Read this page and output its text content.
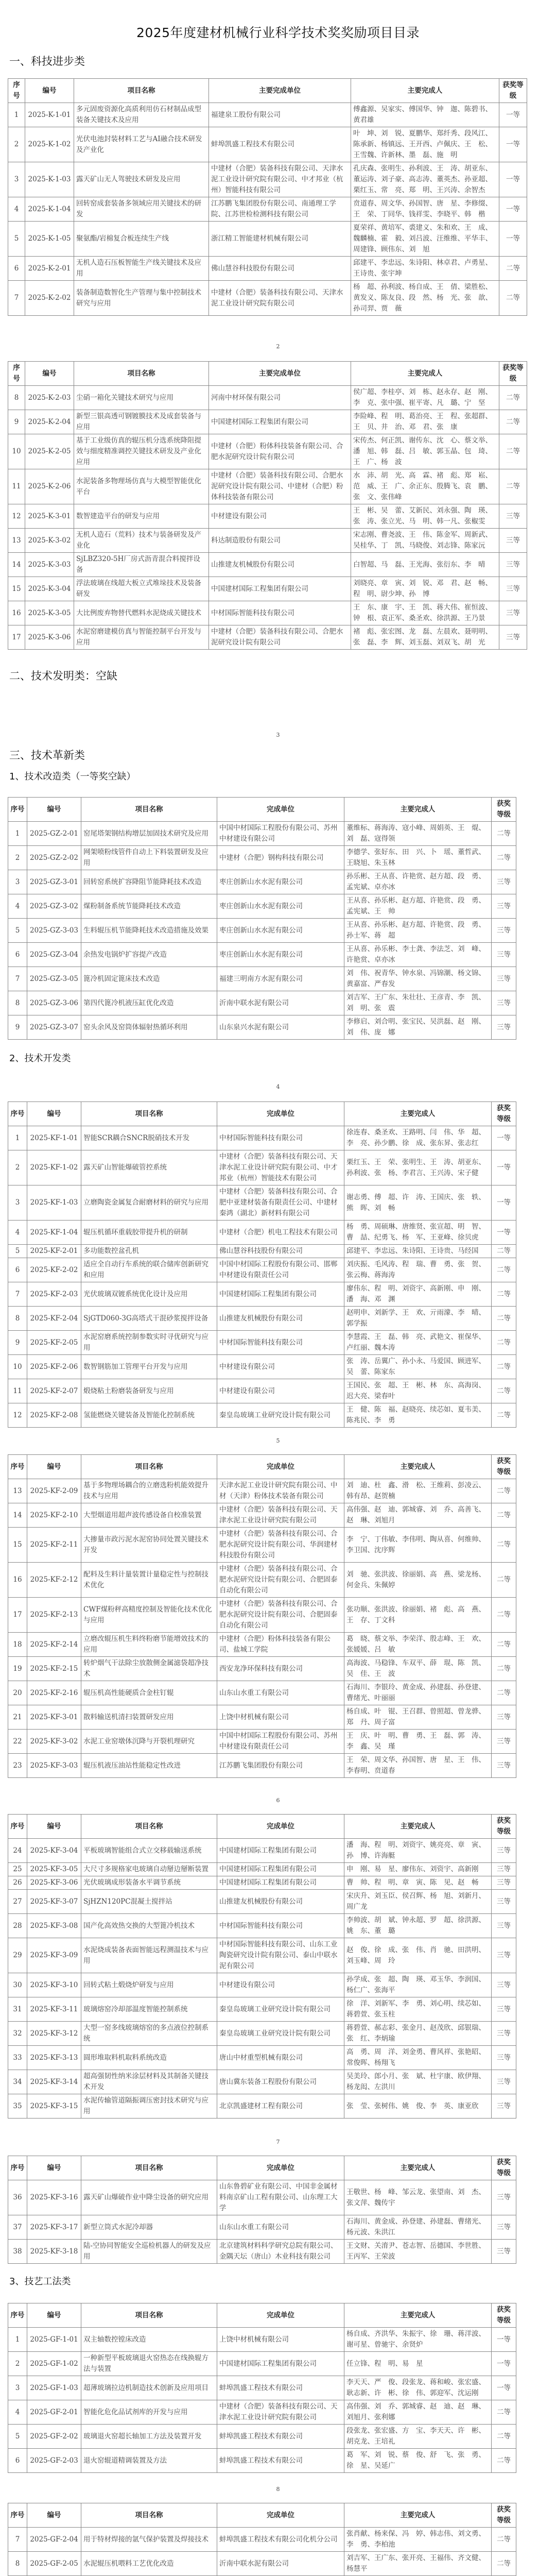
2025年度建材机械行业科学技术奖奖励项目目录
一、科技进步类
序号	编号	项目名称	主要完成单位	主要完成人	获奖等级
1	2025-K-1-01	多元固废资源化高质利用仿石材制品成型装备关键技术及应用	福建泉工股份有限公司	傅鑫源、吴家实、傅国华、钟　迦、陈碧书、黄君雄	一等
2	2025-K-1-02	光伏电池封装材料工艺与AI融合技术研发及产业化	蚌埠凯盛工程技术有限公司	叶　坤、刘　锐、夏鹏华、郑纤秀、段风江、陈承新、杨镇远、王开西、卢佩庆、王　松、王雪魏、许新林、墨　磊、施　明	一等
3	2025-K-1-03	露天矿山无人驾驶技术研发及应用	中建材（合肥）装备科技有限公司、天津水泥工业设计研究院有限公司、中才邦业（杭州）智能科技有限公司	孔庆森、张明生、孙利波、王　涛、胡亚东、董运涛、刘子豪、高志涛、董英杰、孙亚超、栗红玉、常　亮、郑　明、王兴涛、余智杰	一等
4	2025-K-1-04	回转窑成套装备多领域应用关键技术的研发	江苏鹏飞集团股份有限公司、南通理工学院、江苏世检检测科技有限公司	贲道春、周文华、孙国智、唐　星、李修缀、王　荣、丁同华、钱祥雯、李晓平、韩　楷	一等
5	2025-K-1-05	聚氨酯/岩棉复合板连续生产线	浙江精工智能建材机械有限公司	夏荣祥、黄培军、裘建义、朱和欢、王　成、魏麟楠、霍　毅、刘吕波、汪维维、平华丰、周建锋、顾伟东、刘　旭	一等
6	2025-K-2-01	无机人造石压板智能生产线关键技术及应用	佛山慧谷科技股份有限公司	邱建平、李忠远、朱诗阳、林卓君、卢勇星、王诗贵、张宇坤	二等
7	2025-K-2-02	装备制造数智化生产管理与集中控制技术研究与应用	中建材（合肥）装备科技有限公司、天津水泥工业设计研究院有限公司	杨　超、孙利波、杨自成、王　倩、梁胜松、黄发义、陈友良、段　然、杨　光、张　歆、孙司羿、贾　薇	二等
2
序号	编号	项目名称	主要完成单位	主要完成人	获奖等级
8	2025-K-2-03	尘硝一箱化关键技术研究与应用	河南中材环保有限公司	侯广超、李桂亭、刘　栋、赵永存、赵　刚、李　克、张中强、崔平寄、凡　璐、宁　坚	二等
9	2025-K-2-04	新型三银高透可钢镀膜技术及成套装备与应用	中国建材国际工程集团有限公司	李险峰、程　明、葛治亮、王　程、张超群、王　贝、井　治、邓　君、张　康	二等
10	2025-K-2-05	基于工业级仿真的辊压机分选系统降阻提效与细度精准调控关键技术研发及产业化应用	中建材（合肥）粉体科技装备有限公司、合肥水泥研究设计院有限公司	宋传杰、何正凯、谢传东、沈　心、蔡文举、潘　旭、韩　磊、吕　敏、郭玉晶、包　琦、王　广、杨　波	二等
11	2025-K-2-06	水泥装备多物理场仿真与大模型智能优化平台	中建材（合肥）装备科技有限公司、合肥水泥研究设计院有限公司、中建材（合肥）粉体科技装备有限公司	水　沛、胡　光、高　霖、褚　彪、郑　崧、范　威、王　广、余正东、殷腾飞、袁　鹏、张　文、张伟峰	二等
12	2025-K-3-01	数智建造平台的研发与应用	中材建设有限公司	王　彬、吴　蕾、艾新民、刘永强、陶　瑛、张　涛、张立光、马　明、韩一凡、张椒雯	三等
13	2025-K-3-02	无机人造石（荒料）技术与装备研发及产业化	科达制造股份有限公司	宋志刚、曹尧波、王　伟、陈金军、周新武、吴桂华、丁　凯、马晓俊、刘志锋、陈家沅	三等
14	2025-K-3-03	SjLBZ320-5H厂房式沥青混合料搅拌设备	山推建友机械股份有限公司	白智超、马　磊、王光海、张衍东、李　晴	三等
15	2025-K-3-04	浮法玻璃在线超大板立式堆垛技术及装备研发	中国建材国际工程集团有限公司	刘晓亮、章　寅、刘　锐、邓　君、赵　畅、程　明、尉少坤、孙　博	三等
16	2025-K-3-05	大比例废弃物替代燃料水泥烧成关键技术	中材国际智能科技有限公司	王　东、康　宇、王　凯、蒋大伟、崔恒波、钟　根、袁正军、桑圣欢、徐洪源、王乃景	三等
17	2025-K-3-06	水泥窑磨建模仿真与智能控制平台开发与应用	中建材（合肥）装备科技有限公司、合肥水泥研究设计院有限公司	褚　彪、张宏图、龙　磊、左晨欢、聂明明、张　磊、李　辉、刘玉磊、刘双飞、胡　光	三等
二、技术发明类：空缺
3
三、技术革新类
1、技术改造类（一等奖空缺）
序号	编号	项目名称	完成单位	主要完成人	获奖等级
1	2025-GZ-2-01	窑尾塔架钢结构增层加固技术研究及应用	中国中材国际工程股份有限公司、苏州中材建设有限公司	董维标、蒋海涛、寇小峰、周娟英、王　焜、刘　磊、寇得领	二等
2	2025-GZ-2-02	网架喷粉线管件自动上下料装置研发及应用	中建材（合肥）钢构科技有限公司	李德学、张好东、田　兴、卜　瑶、董哲武、王晓旭、朱玉林	二等
3	2025-GZ-3-01	回转窑系统扩容降阻节能降耗技术改造	枣庄创新山水水泥有限公司	孙乐彬、王从喜、许艳赏、赵方超、段　勇、孟宪斌、卓亦冰	三等
4	2025-GZ-3-02	煤粉制备系统节能降耗技术改造	枣庄创新山水水泥有限公司	王从喜、孙乐彬、赵方超、许艳赏、段　勇、孟宪斌、王　帅	三等
5	2025-GZ-3-03	生料辊压机节能降耗技术改造措施及效果	枣庄创新山水水泥有限公司	王从喜、孙乐彬、赵方超、许艳赏、段　勇、孙士军、蒋　超	三等
6	2025-GZ-3-04	余热发电锅炉扩容提产改造	枣庄创新山水水泥有限公司	王从喜、孙乐彬、李士龚、李法芝、刘　峰、许艳赏、卓亦冰	三等
7	2025-GZ-3-05	篦冷机固定篦床技术改造	福建三明南方水泥有限公司	刘　伟、祝青华、钟水泉、冯锦潮、杨文锦、黄嘉富、严春发	三等
8	2025-GZ-3-06	第四代篦冷机液压缸优化改造	沂南中联水泥有限公司	刘吉军、王广东、朱壮壮、王彦青、李　凯、刘　明、张　震	三等
9	2025-GZ-3-07	窑头余风及窑筒体辐射热循环利用	山东泉兴水泥有限公司	李修启、刘合明、张宝民、吴洪磊、赵　刚、刘　伟、庞　娜	三等
2、技术开发类
4
序号	编号	项目名称	完成单位	主要完成人	获奖等级
1	2025-KF-1-01	智能SCR耦合SNCR脱硝技术开发	中材国际智能科技有限公司	徐连春、桑圣欢、王路明、闫　伟、华　超、李　亮、孙少鹏、徐　成、张东昇、张志红	一等
2	2025-KF-1-02	露天矿山智能爆破管控系统	中建材（合肥）装备科技有限公司、天津水泥工业设计研究院有限公司、中才邦业（杭州）智能技术有限公司	栗红玉、王　荣、张明生、王　涛、胡亚东、孙利波、张　杨、李君言、王兴涛、宋子健	一等
3	2025-KF-1-03	立磨陶瓷金属复合耐磨材料的研究与应用	中建材（合肥）装备科技有限公司、合肥中亚建材装备有限责任公司、中建材秦鸿（湖北）新材料有限公司	谢志勇、傅　超、许　涛、王国庆、张　轶、熊　晖、刘　畅	一等
4	2025-KF-1-04	辊压机循环重载胶带提升机的研制	中建材（合肥）机电工程技术有限公司	杨　勇、周硕琳、唐维贤、张宣超、明　智、曹　喆、纪勇飞、杨　军、王亚峰、徐贝虎	一等
5	2025-KF-2-01	多功能数控盆孔机	佛山慧谷科技股份有限公司	邱建平、李忠远、朱诗阳、王诗贵、马经国	二等
6	2025-KF-2-02	适应全自动行车系统的联合储库创新研究和应用	中国中材国际工程股份有限公司、邯郸中材建设有限责任公司	刘庆振、毛风涛、程　瑞、曹　勇、张　贺、张云梅、蒋海涛	二等
7	2025-KF-2-03	光伏玻璃双镀系统优化设计及应用	中国建材国际工程集团有限公司	廖伟东、程　明、刘资宇、高新刚、申　刚、潘　海、邓　渊	二等
8	2025-KF-2-04	SjGTD060-3G高塔式干混砂浆搅拌设备	山推建友机械股份有限公司	赵明申、刘新学、王　欢、亓雨濛、李　晴、郭学振	二等
9	2025-KF-2-05	水泥窑磨系统控制参数实时寻优研究与应用	中材国际智能科技有限公司	李慧霞、王　磊、韩　亮、武艳文、崔保华、卢红丽、魏本涛	二等
10	2025-KF-2-06	数智钢筋加工管理平台开发与应用	中材建设有限公司	张　涛、岳翼广、孙小永、马爱国、顾进军、吴　蕾、陈家东	二等
11	2025-KF-2-07	煅烧粘土粉磨装备研发与应用	中材建设有限公司	王国民、张　超、王　彬、林　东、高海岗、迟大亮、梁春叶	二等
12	2025-KF-2-08	氢能燃烧关键装备及智能化控制系统	秦皇岛玻璃工业研究设计院有限公司	王　健、陈　福、赵晓亮、续芯如、夏韦美、陈兆民、李　勇	二等
5
序号	编号	项目名称	完成单位	主要完成人	获奖等级
13	2025-KF-2-09	基于多物理场耦合的立磨选粉机能效提升技术与应用	天津水泥工业设计研究院有限公司、中材（天津）粉体技术装备有限公司	刘　迪、杜　鑫、滑　松、王维莉、彭凌云、韩有昂、赵贺楠	二等
14	2025-KF-2-10	大型烟道用超声波传感设备自校准装置	中建材（合肥）装备科技有限公司、天津水泥工业设计研究院有限公司	高伟强、赵　迪、郭城睿、刘　乔、高善飞、赵　琳、刘旭月	二等
15	2025-KF-2-11	大掺量市政污泥水泥窑协同处置关键技术开发	中建材（合肥）装备科技有限公司、合肥水泥研究设计院有限公司、华润建材科技股份有限公司	李　宁、丁伟敏、李伟明、陶从喜、何维帅、李卫国、沈序辉	二等
16	2025-KF-2-12	配料及生料计量装置计量稳定性与控制技术优化	中建材（合肥）装备科技有限公司、合肥水泥研究设计院有限公司、合肥固泰自动化有限公司	刘　驰、张洪波、徐丽娟、高　燕、梁龙杨、何金兵、朱佩婷	二等
17	2025-KF-2-13	CWF煤粉秤高精度控制及智能化技术优化与应用	中建材（合肥）装备科技有限公司、合肥水泥研究设计院有限公司、合肥固泰自动化有限公司	张功顺、张洪波、徐丽娟、褚　彪、高　燕、王　存、丁文科	二等
18	2025-KF-2-14	立磨改辊压机生料终粉磨节能增效技术的应用	中建材（合肥）粉体科技装备有限公司、盐城工学院	葛　晓、蔡文举、李荣洋、殷志峰、王　欢、张媛媛、吕　敏	二等
19	2025-KF-2-15	转炉烟气干法除尘放散侧金属滤袋超净技术	西安龙净环保科技有限公司	高海波、马稳锋、车双平、薛　琨、陈　凯、吴　佳、王　波	二等
20	2025-KF-2-16	辊压机高性能硬质合金柱钉辊	山东山水重工有限公司	石海川、李银玲、黄金成、孙建磊、孙登建、曹绪光、叶丽丽	二等
21	2025-KF-3-01	散料输送机清扫装置研发应用	上饶中材机械有限公司	杨自成、叶　锟、王召群、曾照超、曾龙骅、郑　丹、周子富	三等
22	2025-KF-3-02	水泥工业窑墩体沉降与开裂机理研究	中国中材国际工程股份有限公司、苏州中材建设有限责任公司	王　庆、叶　明、曹　勇、王　磊、郭　涛、李　鑫、吴　瑾	三等
23	2025-KF-3-03	辊压机液压油站性能稳定性改进	江苏鹏飞集团股份有限公司	王　荣、周文华、孙国智、唐　星、王　伟、李春明、贲道春	三等
6
序号	编号	项目名称	完成单位	主要完成人	获奖等级
24	2025-KF-3-04	平板玻璃智能组合式立交移载输送系统	中国建材国际工程集团有限公司	潘　海、程　明、刘资宇、姚亮亮、章　寅、孙　博、许海艇	三等
25	2025-KF-3-05	大尺寸多规格家电玻璃自动掰边掰断装置	中国建材国际工程集团有限公司	申　刚、易　星、廖伟东、刘资宇、高新刚	三等
26	2025-KF-3-06	光伏玻璃成形装备水平调节系统	中国建材国际工程集团有限公司	曹　帅、程　明、章　寅、陈　见、赵　畅	三等
27	2025-KF-3-07	SjHZN120PC混凝土搅拌站	山推建友机械股份有限公司	宋庆升、刘玉臣、侯召辉、杨　旭、刘新月、周广龙	三等
28	2025-KF-3-08	国产化高效热交换的大型篦冷机技术	中材国际智能科技有限公司	李帅波、胡　斌、钟永超、罗　超、徐洪源、姚　东、董　璐	三等
29	2025-KF-3-09	水泥烧成装备表面智能远程测温技术与应用	中材国际智能科技有限公司、山东工业陶瓷研究设计院有限公司、泰山中联水泥有限公司	赵　俊、徐　成、张　伟、肖　驰、田洪明、刘玉峰、周　玲	三等
30	2025-KF-3-10	回转式粘土煅烧炉研发与应用	中材建设有限公司	孙学成、张　超、陶　瑛、邓玉华、李润国、杨仁广、张海平	三等
31	2025-KF-3-11	玻璃熔窑冷却部温度智能控制系统	秦皇岛玻璃工业研究设计院有限公司	徐　洋、刘新军、李　勇、刘心明、续芯如、蒋碧萱、张玉柱	三等
32	2025-KF-3-12	大型一窑多线玻璃熔窑的多点液位控制系统	秦皇岛玻璃工业研究设计院有限公司	蒋碧萱、郝志彩、张金月、赵茂欣、邱银瑞、张　红、李炳瑜	三等
33	2025-KF-3-13	圆形堆取料机取料系统改造	唐山中材重型机械有限公司	高　勇、周　洋、刘金勇、曹风祥、张艳昭、常俊晖、杨翔飞	三等
34	2025-KF-3-14	超高强韧性纳米涂层材料及其制备关键技术开发	唐山冀东装备工程股份有限公司	吴美玲、郎小月、张　斌、杜宇康、欧伊翔、杨龙闳、左洪川	三等
35	2025-KF-3-15	水泥传输管道隔振调压密封技术研究与应用	北京凯盛建材工程有限公司	张　莹、张树伟、姚　俊、李　英、康亚欣	三等
7
序号	编号	项目名称	完成单位	主要完成人	获奖等级
36	2025-KF-3-16	露天矿山爆破作业中降尘设备的研究应用	山东鲁碧矿业有限公司、中国非金属材料南京矿山工程有限公司、山东理工大学	王敬世、杨　峰、邹云龙、张望南、刘　杰、张文萍、魏传宇	三等
37	2025-KF-3-17	新型立筒式水泥冷却器	山东山水重工有限公司	石海川、黄金成、孙登建、孙建磊、曹绪光、杨元波、朱洪江	三等
38	2025-KF-3-18	陆-空协同智能安全巡检机器人的研发及应用	北京建筑材料科学研究总院有限公司、金隅天坛（唐山）木业科技有限公司	王文财、关淯尹、苍志智、岳德国、李世胜、王丙军、王荣波	三等
3、技艺工法类
序号	编号	项目名称	完成单位	主要完成人	获奖等级
1	2025-GF-1-01	双主轴数控镗床改造	上饶中材机械有限公司	杨自成、齐洪华、朱振宇、徐　珊、蒋洋波、谢可星、曾驰宇、余贤炉	一等
2	2025-GF-1-02	一种新型平板玻璃退火窑热态在线换辊方法与装置	中国建材国际工程集团有限公司	任立锋、程　明、易　星	一等
3	2025-GF-1-03	超薄玻璃拉边机制造技术创新及应用项目	蚌埠凯盛工程技术有限公司	李天天、严　俊、段张龙、蒋和峻、张宏盛、耿志新、许　彬、徐　伟、郭迎军、沈运刚	一等
4	2025-GF-2-01	智能化危化品试剂库的开发与应用	中建材（合肥）装备科技有限公司、天津水泥工业设计研究院有限公司	高伟强、刘　乔、郭城睿、赵　迪、赵　琳、刘旭月、张利娜	二等
5	2025-GF-2-02	玻璃退火窑超长轴加工方法及装置开发	蚌埠凯盛工程技术有限公司	段张龙、张宏盛、方　宝、李天天、许　彬、胡克龙、王培礼	二等
6	2025-GF-2-03	退火窑辊道精调装置及方法	蚌埠凯盛工程技术有限公司	葛　军、刘　锐、蔡　俊、舒　飞、张　勇、徐　星、吴延广	二等
8
序号	编号	项目名称	完成单位	主要完成人	获奖等级
7	2025-GF-2-04	用于特材焊接的氩气保护装置及焊接技术	蚌埠凯盛工程技术有限公司化机分公司	张肖献、杨来保、冯　婷、韩志伟、刘文勇、李　勇、李柏池	二等
8	2025-GF-2-05	水泥辊压机喂料工艺优化改造	沂南中联水泥有限公司	刘吉军、王广东、张开亮、王福伟、齐文健、杨慧平	二等
